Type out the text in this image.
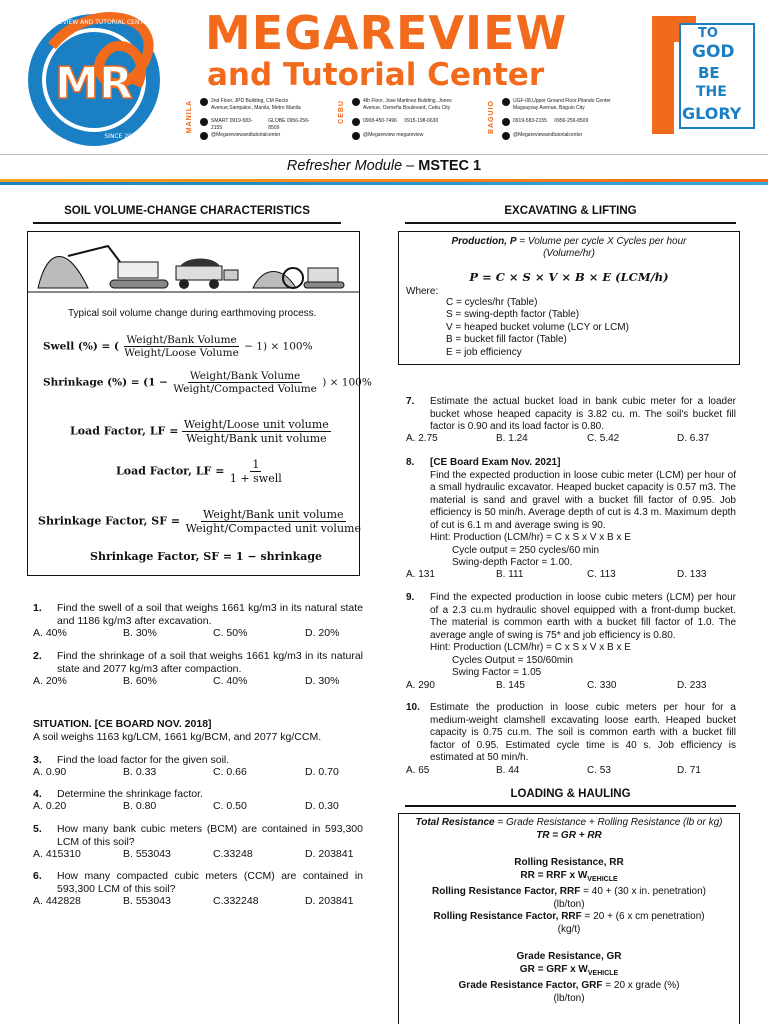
MR
MEGAREVIEW AND TUTORIAL CENTER
SINCE 2016
MEGAREVIEW
and Tutorial Center
MANILA	2nd Floor, JPD Building, CM Recto Avenue,Sampaloc, Manila, Metro Manila
SMART 0919-583-2155

GLOBE 0956-256-8509
@Megareviewandtutorialcenter
CEBU	4th Floor, Jose Martinez Building, Jones Avenue, Osmeña Boulevard, Cebu City
0908-450-7496
0915-198-6630
@Megareview megareview
BAGUIO	UGF-08,Upper Ground Floor,Pilando Center Magsaysay Avenue, Baguio City
0919-583-2155
0956-256-8509
@Megareviewandtutorialcenter
TO
GOD
BE
THE
GLORY
Refresher Module – MSTEC 1
SOIL VOLUME-CHANGE CHARACTERISTICS
Typical soil volume change during earthmoving process.
Swell (%) = ( $\frac{\text{Weight/Bank Volume}}{\text{Weight/Loose Volume}} - 1) \times 100\%$
Shrinkage (%) = ($1 - \frac{\text{Weight/Bank Volume}}{\text{Weight/Compacted Volume}}$ ) × 100%
Load Factor, LF = $\frac{\text{Weight/Loose unit volume}}{\text{Weight/Bank unit volume}}$
Load Factor, LF = $\frac{1}{\text{1 + swell}}$
Shrinkage Factor, SF = $\frac{\text{Weight/Bank unit volume}}{\text{Weight/Compacted unit volume}}$
Shrinkage Factor, SF = 1 − shrinkage
1. Find the swell of a soil that weighs 1661 kg/m3 in its natural state and 1186 kg/m3 after excavation.
A. 40%	B. 30%	C. 50%	D. 20%
2. Find the shrinkage of a soil that weighs 1661 kg/m3 in its natural state and 2077 kg/m3 after compaction.
A. 20%	B. 60%	C. 40%	D. 30%
SITUATION. [CE BOARD NOV. 2018]
A soil weighs 1163 kg/LCM, 1661 kg/BCM, and 2077 kg/CCM.
3. Find the load factor for the given soil.
A. 0.90	B. 0.33	C. 0.66	D. 0.70
4. Determine the shrinkage factor.
A. 0.20	B. 0.80	C. 0.50	D. 0.30
5. How many bank cubic meters (BCM) are contained in 593,300 LCM of this soil?
A. 415310	B. 553043	C.33248	D. 203841
6. How many compacted cubic meters (CCM) are contained in 593,300 LCM of this soil?
A. 442828	B. 553043	C.332248	D. 203841
EXCAVATING & LIFTING
Production, P = Volume per cycle X Cycles per hour
(Volume/hr)
P = C × S × V × B × E (LCM/h)
Where:
C = cycles/hr (Table)
S = swing-depth factor (Table)
V = heaped bucket volume (LCY or LCM)
B = bucket fill factor (Table)
E = job efficiency
7. Estimate the actual bucket load in bank cubic meter for a loader bucket whose heaped capacity is 3.82 cu. m. The soil's bucket fill factor is 0.90 and its load factor is 0.80.
A. 2.75	B. 1.24	C. 5.42	D. 6.37
8. [CE Board Exam Nov. 2021]
Find the expected production in loose cubic meter (LCM) per hour of a small hydraulic excavator. Heaped bucket capacity is 0.57 m3. The material is sand and gravel with a bucket fill factor of 0.95. Job efficiency is 50 min/h. Average depth of cut is 4.3 m. Maximum depth of cut is 6.1 m and average swing is 90.
Hint: Production (LCM/hr) = C x S x V x B x E
Cycle output = 250 cycles/60 min
Swing-depth Factor = 1.00.
A. 131	B. 111	C. 113	D. 133
9. Find the expected production in loose cubic meters (LCM) per hour of a 2.3 cu.m hydraulic shovel equipped with a front-dump bucket. The material is common earth with a bucket fill factor of 1.0. The average angle of swing is 75* and job efficiency is 0.80.
Hint: Production (LCM/hr) = C x S x V x B x E
Cycles Output = 150/60min
Swing Factor = 1.05
A. 290	B. 145	C. 330	D. 233
10. Estimate the production in loose cubic meters per hour for a medium-weight clamshell excavating loose earth. Heaped bucket capacity is 0.75 cu.m. The soil is common earth with a bucket fill factor of 0.95. Estimated cycle time is 40 s. Job efficiency is estimated at 50 min/h.
A. 65	B. 44	C. 53	D. 71
LOADING & HAULING
Total Resistance = Grade Resistance + Rolling Resistance (lb or kg)
TR = GR + RR
Rolling Resistance, RR
RR = RRF x $W_{VEHICLE}$
Rolling Resistance Factor, RRF = 40 + (30 x in. penetration)
(lb/ton)
Rolling Resistance Factor, RRF = 20 + (6 x cm penetration)
(kg/t)
Grade Resistance, GR
GR = GRF x $W_{VEHICLE}$
Grade Resistance Factor, GRF = 20 x grade (%)
(lb/ton)
